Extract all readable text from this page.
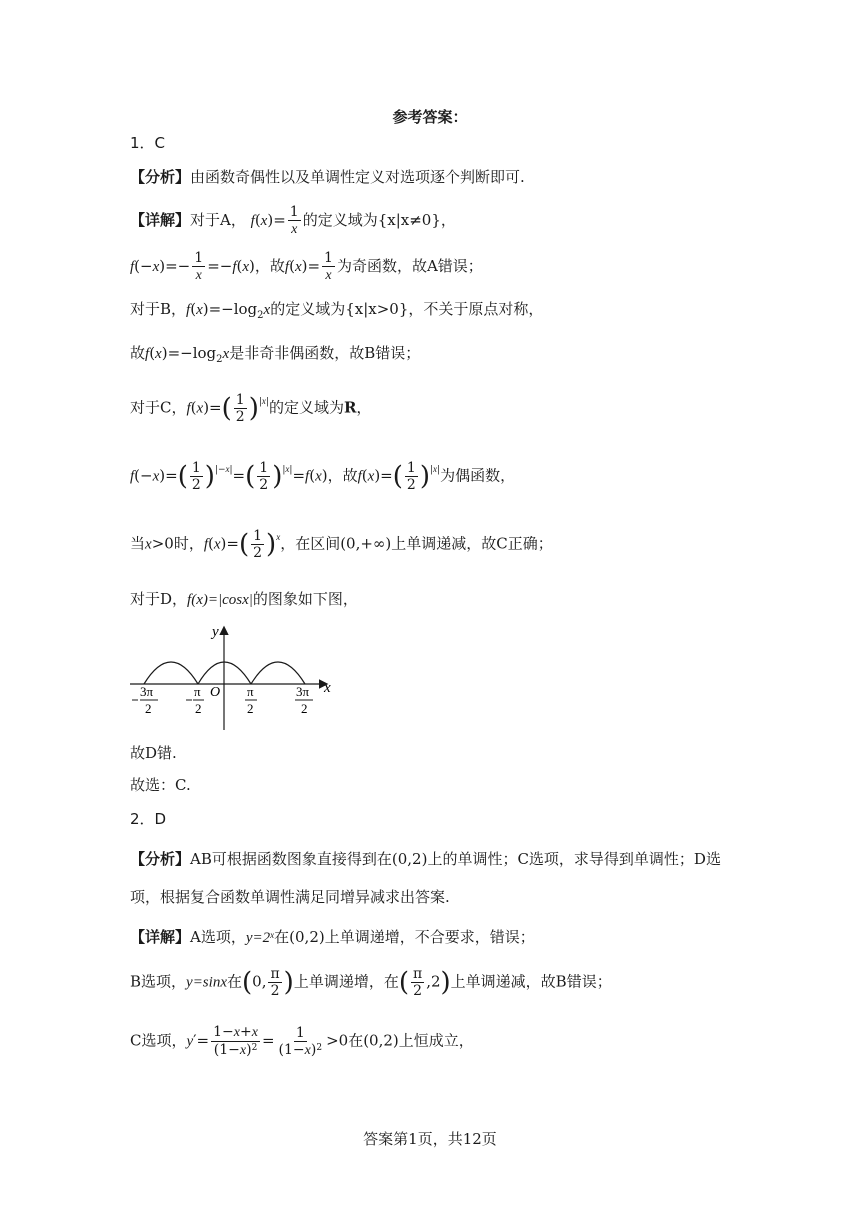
参考答案：
1．C
【分析】由函数奇偶性以及单调性定义对选项逐个判断即可.
【详解】对于A， $f(x)= \frac{1}{x}$ 的定义域为{x|x≠0}，
$f(-x)=- \frac{1}{x} =-f(x)$，故$f(x)= \frac{1}{x}$ 为奇函数，故A错误；
对于B，$f(x)=-\log_2x$的定义域为{x|x>0}，不关于原点对称，
故$f(x)=-\log_2x$是非奇非偶函数，故B错误；
对于C，$f(x)=( \frac{1}{2} )^{|x|}$的定义域为R，
$f(-x)=( \frac{1}{2} )^{|-x|}=( \frac{1}{2} )^{|x|}=f(x)$，故$f(x)=( \frac{1}{2} )^{|x|}$为偶函数，
当x>0时，$f(x)=( \frac{1}{2} )^x$，在区间(0,+∞)上单调递减，故C正确；
对于D，f(x)=|cosx|的图象如下图，
y
x
O
3π
2
π
2
π
2
3π
2
故D错.
故选：C.
2．D
【分析】AB可根据函数图象直接得到在(0,2)上的单调性；C选项，求导得到单调性；D选
项，根据复合函数单调性满足同增异减求出答案.
【详解】A选项，$y=2^x$在(0,2)上单调递增，不合要求，错误；
B选项，y=sinx在(0, $\frac{\pi}{2}$ )上单调递增，在( $\frac{\pi}{2} ,2$)上单调递减，故B错误；
C选项，$y'= \frac{1-x+x}{(1-x)^2} = \frac{1}{(1-x)^2} >0$在(0,2)上恒成立，
答案第1页，共12页
